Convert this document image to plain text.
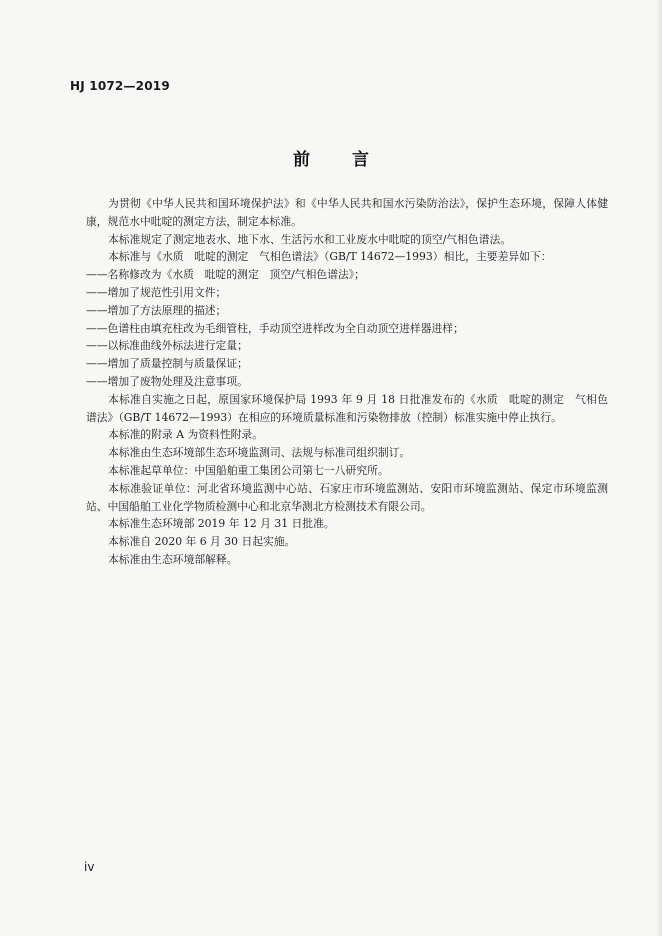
HJ 1072—2019
前 言

为贯彻《中华人民共和国环境保护法》和《中华人民共和国水污染防治法》，保护生态环境，保障人体健康，规范水中吡啶的测定方法，制定本标准。

本标准规定了测定地表水、地下水、生活污水和工业废水中吡啶的顶空/气相色谱法。

本标准与《水质　吡啶的测定　气相色谱法》（GB/T 14672—1993）相比，主要差异如下：

——名称修改为《水质　吡啶的测定　顶空/气相色谱法》；

——增加了规范性引用文件；

——增加了方法原理的描述；

——色谱柱由填充柱改为毛细管柱，手动顶空进样改为全自动顶空进样器进样；

——以标准曲线外标法进行定量；

——增加了质量控制与质量保证；

——增加了废物处理及注意事项。

本标准自实施之日起，原国家环境保护局 1993 年 9 月 18 日批准发布的《水质　吡啶的测定　气相色谱法》（GB/T 14672—1993）在相应的环境质量标准和污染物排放（控制）标准实施中停止执行。

本标准的附录 A 为资料性附录。

本标准由生态环境部生态环境监测司、法规与标准司组织制订。

本标准起草单位：中国船舶重工集团公司第七一八研究所。

本标准验证单位：河北省环境监测中心站、石家庄市环境监测站、安阳市环境监测站、保定市环境监测站、中国船舶工业化学物质检测中心和北京华测北方检测技术有限公司。

本标准生态环境部 2019 年 12 月 31 日批准。

本标准自 2020 年 6 月 30 日起实施。

本标准由生态环境部解释。

iv
